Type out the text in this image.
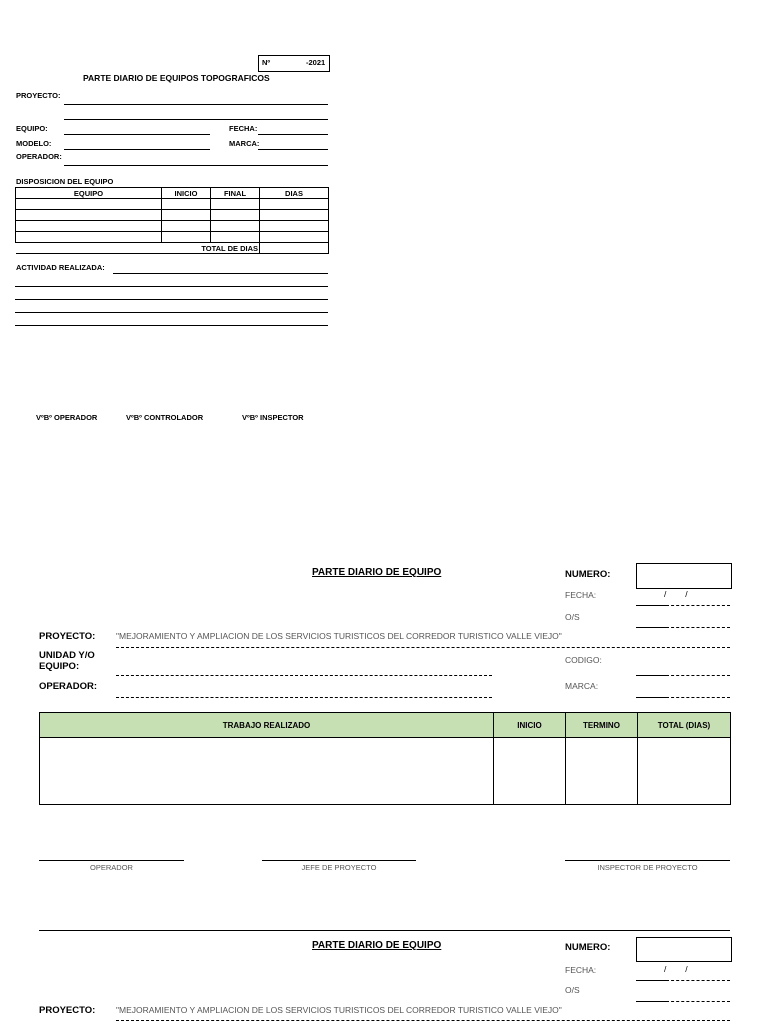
Nº	-2021
PARTE DIARIO DE EQUIPOS TOPOGRAFICOS
PROYECTO:
EQUIPO:	FECHA:
MODELO:	MARCA:
OPERADOR:
DISPOSICION DEL EQUIPO
EQUIPO	INICIO	FINAL	DIAS

TOTAL DE DIAS			
ACTIVIDAD REALIZADA:
VºBº OPERADOR	VºBº CONTROLADOR	VºBº INSPECTOR
PARTE DIARIO DE EQUIPO	NUMERO:
FECHA:	/        /
O/S
PROYECTO: "MEJORAMIENTO Y AMPLIACION DE LOS SERVICIOS TURISTICOS DEL CORREDOR TURISTICO VALLE VIEJO"
UNIDAD Y/O
EQUIPO:
CODIGO:
OPERADOR:	MARCA:
TRABAJO REALIZADO	INICIO	TERMINO	TOTAL (DIAS)

OPERADOR	JEFE DE PROYECTO	INSPECTOR DE PROYECTO
PARTE DIARIO DE EQUIPO	NUMERO:
FECHA:	/        /
O/S
PROYECTO: "MEJORAMIENTO Y AMPLIACION DE LOS SERVICIOS TURISTICOS DEL CORREDOR TURISTICO VALLE VIEJO"
